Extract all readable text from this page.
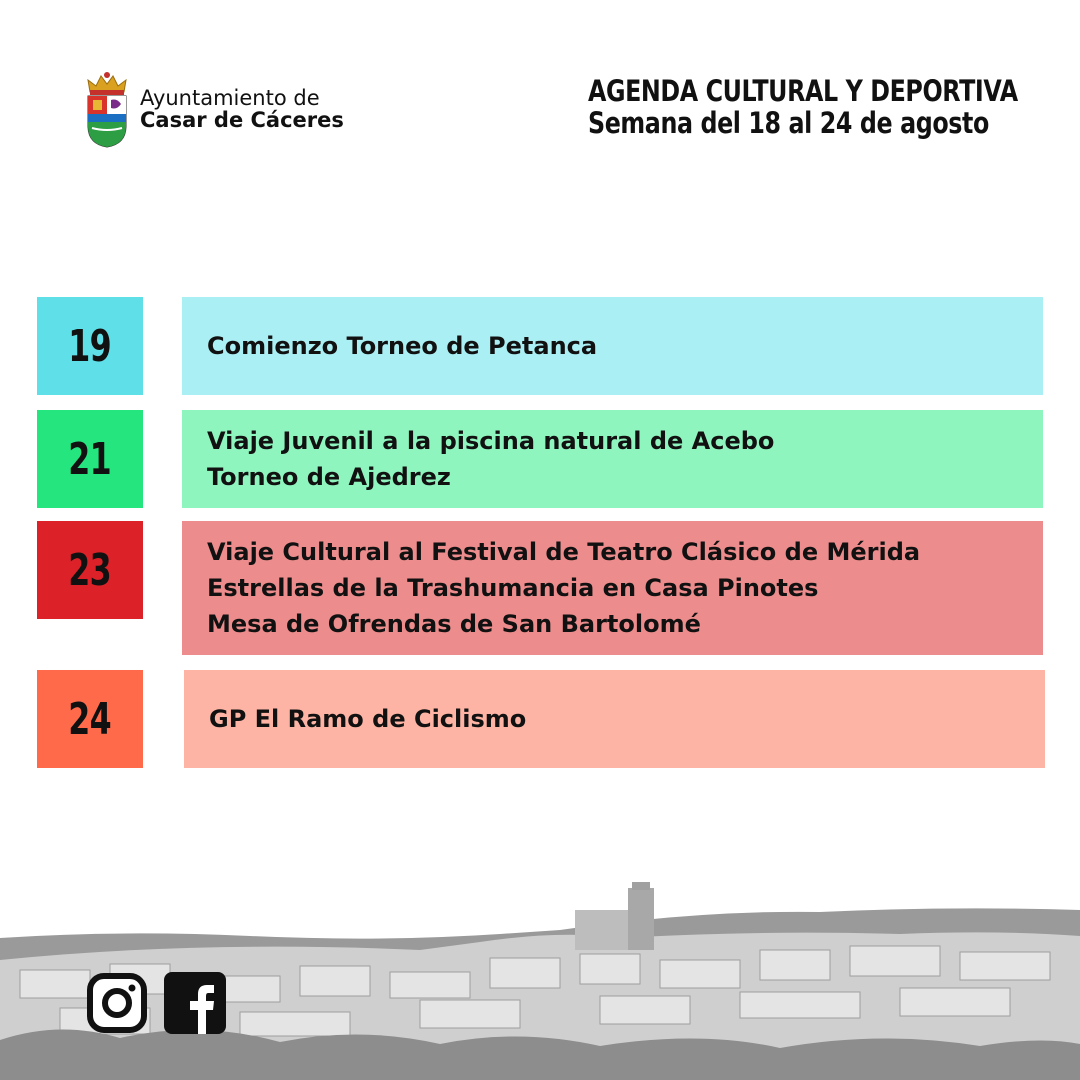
Ayuntamiento de
Casar de Cáceres
AGENDA CULTURAL Y DEPORTIVA
Semana del 18 al 24 de agosto
19	Comienzo Torneo de Petanca
21	Viaje Juvenil a la piscina natural de Acebo
Torneo de Ajedrez
23	Viaje Cultural al Festival de Teatro Clásico de Mérida
Estrellas de la Trashumancia en Casa Pinotes
Mesa de Ofrendas de San Bartolomé
24	GP El Ramo de Ciclismo
